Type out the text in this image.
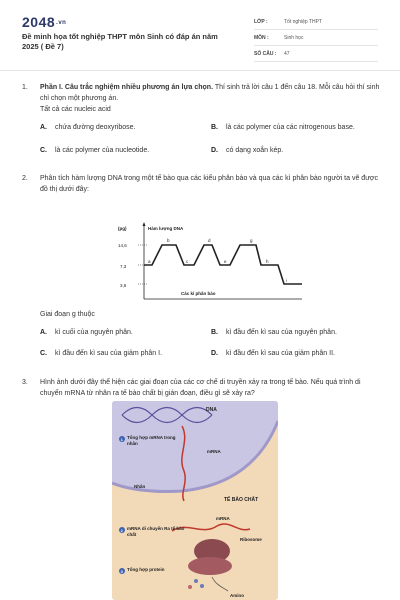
2048.vn
Đề minh họa tốt nghiệp THPT môn Sinh có đáp án năm 2025 ( Đề 7)
LỚP :	Tốt nghiệp THPT
MÔN :	Sinh học
SỐ CÂU :	47
1. Phần I. Câu trắc nghiệm nhiều phương án lựa chọn. Thí sinh trả lời câu 1 đến câu 18. Mỗi câu hỏi thí sinh chỉ chọn một phương án.
Tất cả các nucleic acid
A. chứa đường deoxyribose.	B. là các polymer của các nitrogenous base.
C. là các polymer của nucleotide.	D. có dạng xoắn kép.
2. Phân tích hàm lượng DNA trong một tế bào qua các kiểu phân bào và qua các kì phân bào người ta vẽ được đồ thị dưới đây:
(pg)	Hàm lượng DNA
Các kì phân bào
14,6
7,3
3,6
a
b
c
d
e
g
h
i
Giai đoạn g thuộc
A. kì cuối của nguyên phân.	B. kì đầu đến kì sau của nguyên phân.
C. kì đầu đến kì sau của giảm phân I.	D. kì đầu đến kì sau của giảm phân II.
3. Hình ảnh dưới đây thể hiện các giai đoạn của các cơ chế di truyền xảy ra trong tế bào. Nếu quá trình di chuyển mRNA từ nhân ra tế bào chất bị gián đoạn, điều gì sẽ xảy ra?
DNA
1 Tổng hợp mRNA trong nhân
mRNA
Nhân
TẾ BÀO CHẤT
mRNA
2 mRNA di chuyển Ra tế bào chất
Ribosome
3 Tổng hợp protein
Amino
